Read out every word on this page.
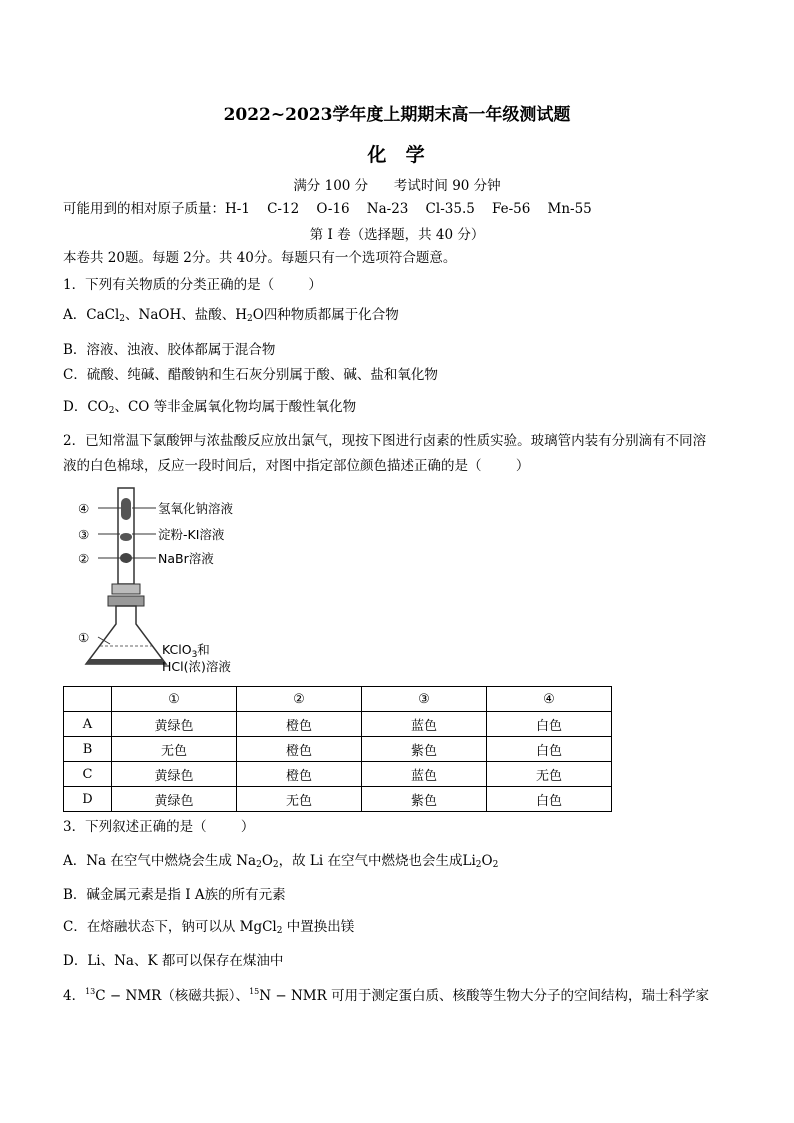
2022~2023学年度上期期末高一年级测试题
化  学
满分 100 分      考试时间 90 分钟
可能用到的相对原子质量：H-1    C-12    O-16    Na-23    Cl-35.5    Fe-56    Mn-55
第 I 卷（选择题，共 40 分）
本卷共 20题。每题 2分。共 40分。每题只有一个选项符合题意。
1．下列有关物质的分类正确的是（        ）
A．CaCl$_2$、NaOH、盐酸、$H_2O$四种物质都属于化合物
B．溶液、浊液、胶体都属于混合物
C．硫酸、纯碱、醋酸钠和生石灰分别属于酸、碱、盐和氧化物
D．$CO_2$、CO 等非金属氧化物均属于酸性氧化物
2．已知常温下氯酸钾与浓盐酸反应放出氯气，现按下图进行卤素的性质实验。玻璃管内装有分别滴有不同溶
液的白色棉球，反应一段时间后，对图中指定部位颜色描述正确的是（        ）
④
③
②
①
氢氧化钠溶液
淀粉-KI溶液
NaBr溶液
KClO$_3$和
HCl(浓)溶液
	①	②	③	④
A	黄绿色	橙色	蓝色	白色
B	无色	橙色	紫色	白色
C	黄绿色	橙色	蓝色	无色
D	黄绿色	无色	紫色	白色
3．下列叙述正确的是（        ）
A．Na 在空气中燃烧会生成 $Na_2O_2$，故 Li 在空气中燃烧也会生成$Li_2O_2$
B．碱金属元素是指 I A族的所有元素
C．在熔融状态下，钠可以从 MgCl$_2$ 中置换出镁
D．Li、Na、K 都可以保存在煤油中
4．$^{13}$C − NMR（核磁共振）、$^{15}$N − NMR 可用于测定蛋白质、核酸等生物大分子的空间结构，瑞士科学家
